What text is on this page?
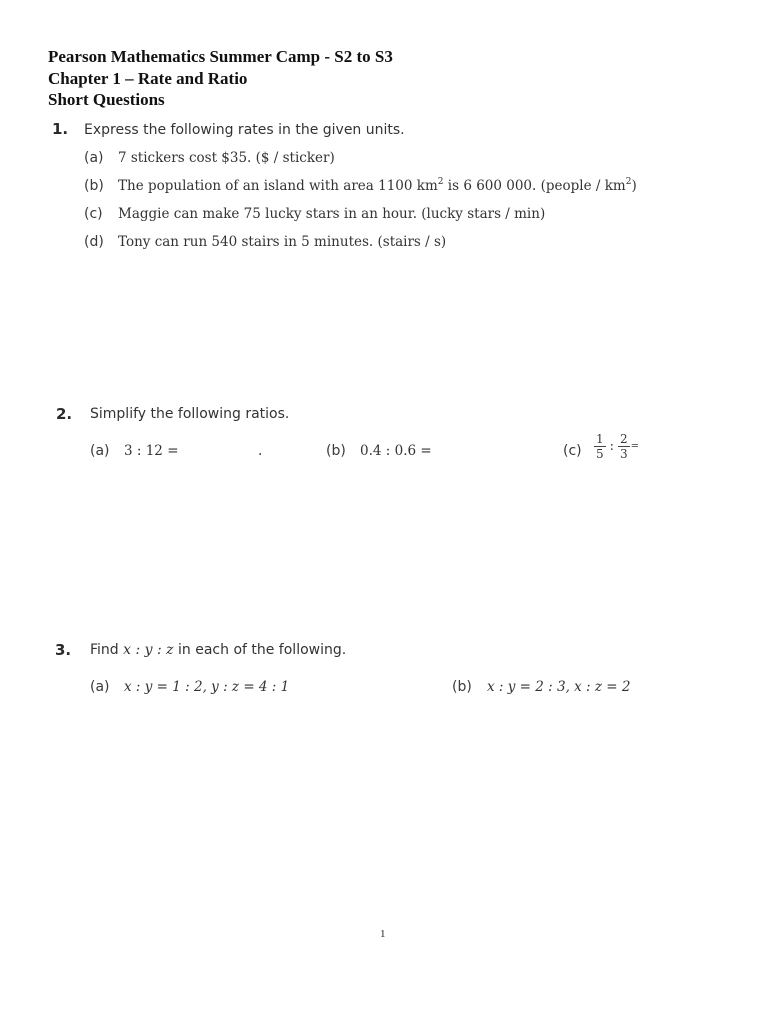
Pearson Mathematics Summer Camp - S2 to S3
Chapter 1 – Rate and Ratio
Short Questions
1. Express the following rates in the given units.
(a) 7 stickers cost $35. ($ / sticker)
(b) The population of an island with area 1100 $km^2$ is 6 600 000. (people / $km^2$)
(c) Maggie can make 75 lucky stars in an hour. (lucky stars / min)
(d) Tony can run 540 stairs in 5 minutes. (stairs / s)
2. Simplify the following ratios.
(a) 3 : 12 =	.	(b) 0.4 : 0.6 =	$(c) \frac{1}{5}$ : $\frac{2}{3}$ =
3. Find x : y : z in each of the following.
(a) x : y = 1 : 2, y : z = 4 : 1	(b) x : y = 2 : 3, x : z = 2
1
